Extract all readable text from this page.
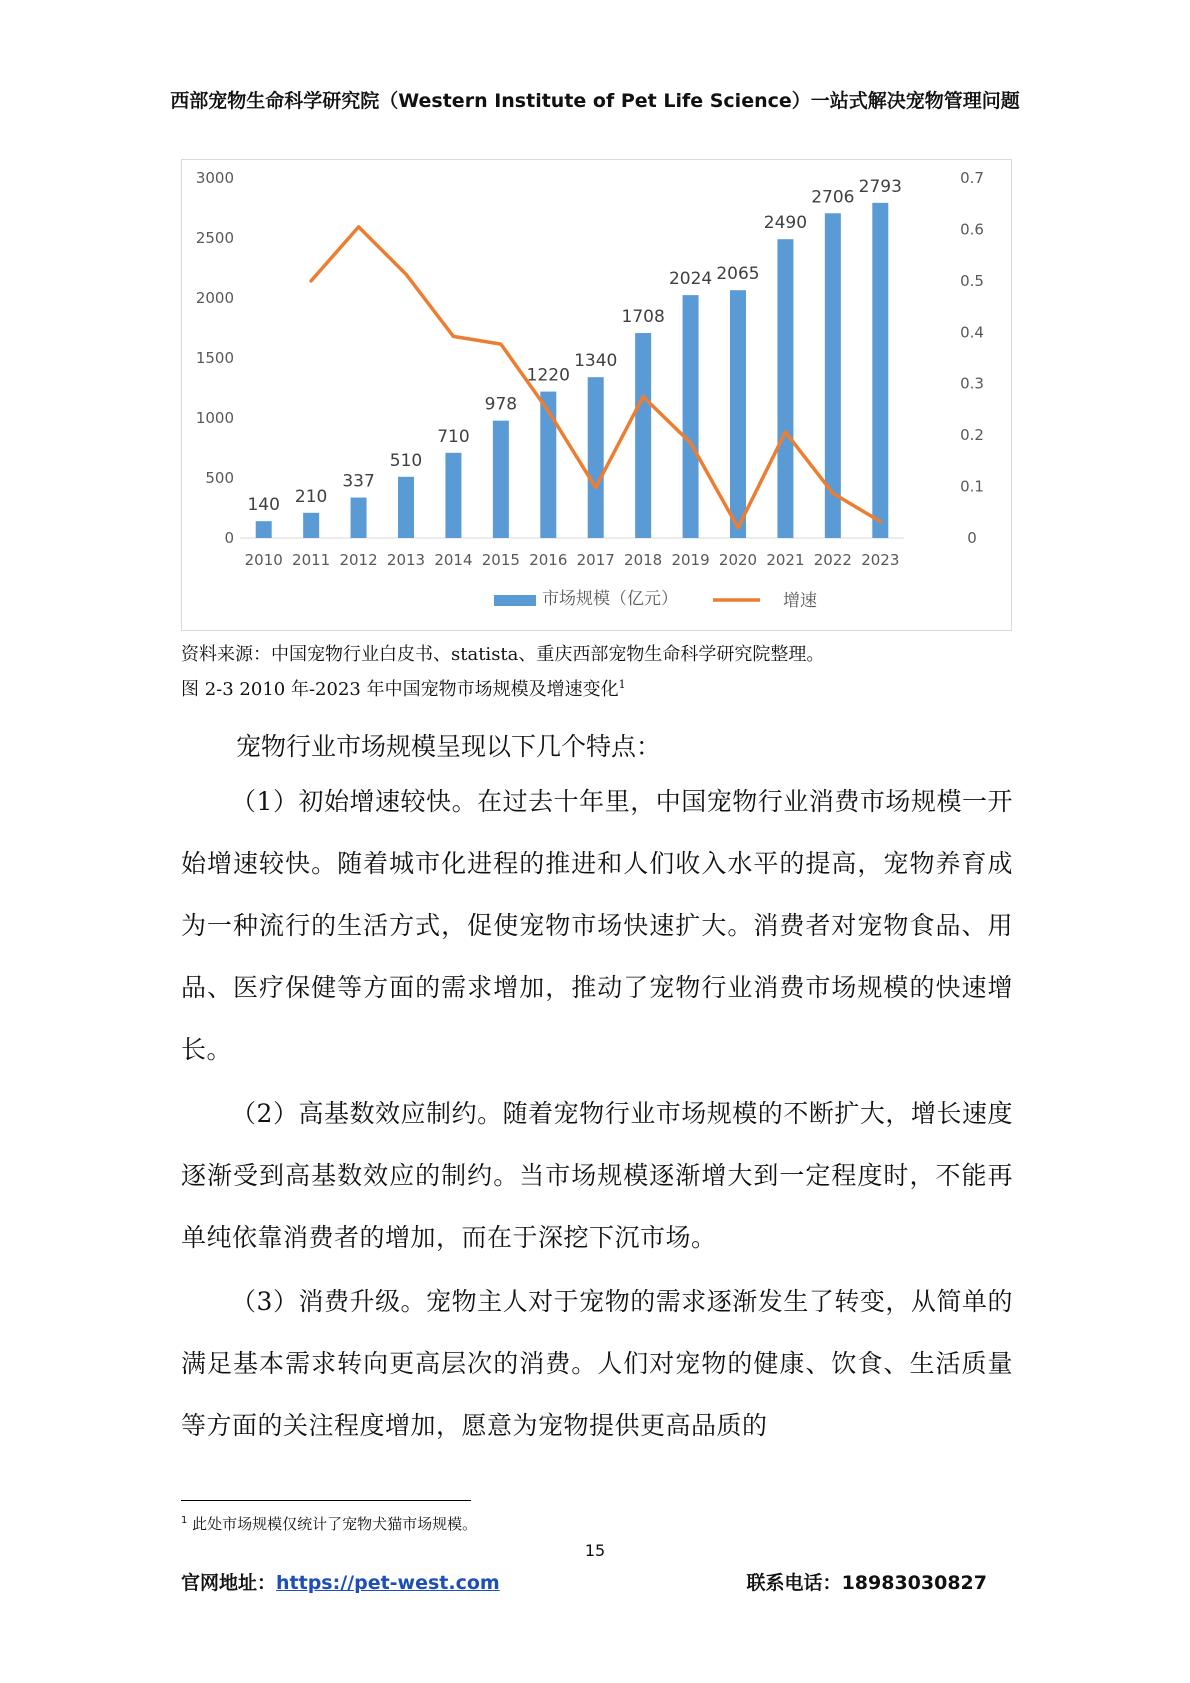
西部宠物生命科学研究院（Western Institute of Pet Life Science）一站式解决宠物管理问题
0
500
1000
1500
2000
2500
3000
0
0.1
0.2
0.3
0.4
0.5
0.6
0.7
2010 2011 2012 2013 2014 2015 2016 2017 2018 2019 2020 2021 2022 2023
140 210
337
510
710
978
1220
1340
1708
2024 2065
2490
2706
2793
市场规模（亿元）	增速
资料来源：中国宠物行业白皮书、statista、重庆西部宠物生命科学研究院整理。
图 2-3 2010 年-2023 年中国宠物市场规模及增速变化$^1$
宠物行业市场规模呈现以下几个特点：
（1）初始增速较快。在过去十年里，中国宠物行业消费市场规模一开始增速较快。随着城市化进程的推进和人们收入水平的提高，宠物养育成为一种流行的生活方式，促使宠物市场快速扩大。消费者对宠物食品、用品、医疗保健等方面的需求增加，推动了宠物行业消费市场规模的快速增长。
（2）高基数效应制约。随着宠物行业市场规模的不断扩大，增长速度逐渐受到高基数效应的制约。当市场规模逐渐增大到一定程度时，不能再单纯依靠消费者的增加，而在于深挖下沉市场。
（3）消费升级。宠物主人对于宠物的需求逐渐发生了转变，从简单的满足基本需求转向更高层次的消费。人们对宠物的健康、饮食、生活质量等方面的关注程度增加，愿意为宠物提供更高品质的
$^1$ 此处市场规模仅统计了宠物犬猫市场规模。
15
官网地址：https://pet-west.com	联系电话：18983030827
